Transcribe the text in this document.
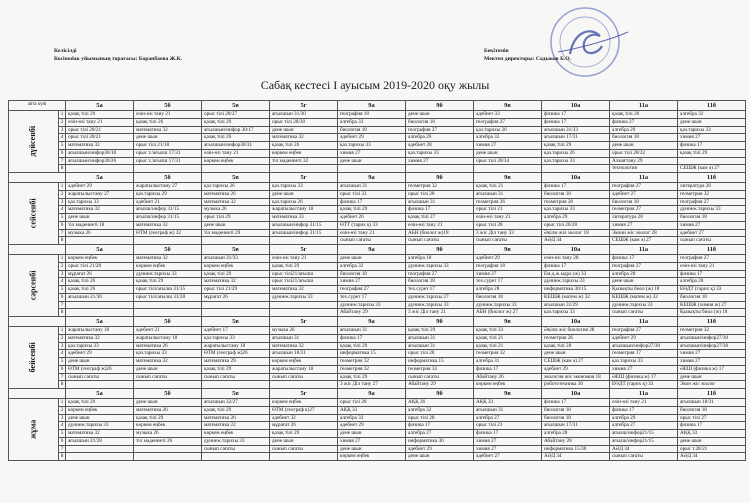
Келісілді
Косіпоdак уйымының торағасы: Боранбаева Ж.К.
Бекітемін
Мектеп директоры: Садыков Б.О.
Сабақ кестесі I ауысым 2019-2020 оқу жылы
апта күні		5а	5б	5в	5г	9а	9б	9в	10а	11а	11б
дүйсенбі	1	қазақ тілі 29	өзін-өзі тану 21	орыс тілі 28/27	ағылшын 31/30	география 18	дене шын	әдебиет 33	физика 17	қазақ тілі 26	алгебра 32
	2	өзін-өзі тану 21	қазақ тілі 26	қазақ тілі 29	орыс тілі 28/30	алгебра 33	биология 18	география 27	физика 17	физика 27	дене шын
	3	орыс тілі 28/21	математика 32	ағылшын/инфор 30/17	дене шын	биология 18	география 27	қаз.тарихы 26	ағылшын 31/33	алгебра 29	қаз.тарихы 33
	4	орыс тілі 28/21	дене шын	қазақ тілі 26	математика 32	әдебиет 29	алгебра 26	алгебра 33	ағылшын 17/31	биология 18	химия 27
	5	математика 32	орыс тілі 21/18	ағылшын/инфор30/31	қазақ тілі 26	қаз.тарихы 33	әдебиет 28	химия 27	қазақ тілі 29	дене шын	физика 17
	6	ағылшын/инфор30/18	орыс т./ағылш 17/31	өзін-өзі тану 21	көркем еңбек	химия 27	қаз.тарихы 33	дене шын	қаз.тарихы 26	орыс тілі 28/32	қазақ тілі 29
	7	ағылшын/инфор30/26	орыс т./ағылш 17/31	көркем еңбек	тіл мәдениеті 32	дене шын	химия 27	орыс тілі 28/34	қаз.тарихы 33	Алмағтану 29	
	8									технология	СЕШЖ (кам ә) 27
		5а	5б	5в	5г	9а	9б	9в	10а	11а	11б
сейсенбі	1	әдебиет 29	жаратылыстану 27	қаз.тарихы 26	қаз.тарихы 33	ағылшын 31	геометрия 32	қазақ тілі 21	физика 17	география 27	литература 28
	2	жаратылыстану 27	қаз.тарихы 29	математика 26	дене шын	орыс тілі 33	орыс тілі 28	ағылшын 31	биология 18	әдебиет 27	геометрия 32
	3	қаз.тарихы 33	әдебиет 21	математика 32	қаз.тарихы 26	физика 17	ағылшын 31	геометрия 26	геометрия 28	биология 18	география 27
	4	математика 32	ағылш/инфор 31/15	музыка 26	жаратылыстану 18	қазақ тілі 29	физика 17	орыс тілі 21	қаз.тарихы 33	геометрия 27	дүниеж.тарихы 33
	5	дене шын	ағылш/инфор 31/15	орыс тілі 29	математика 33	әдебиет 26	қазақ тілі 27	өзін-өзі тану 21	алгебра 29	литература 28	биология 18
	6	тіл мәдениеті 18	математика 32	дене шын	ағылшын/инфор 31/15	ӨТТ (тарих қ) 33	өзін-өзі тану 21	орыс тілі 28	орыс тілі 26/28	химия 27	химия 27
	7	музыка 26	ӨТМ (географ ж) 32	тіл мәдениеті 29	ағылшын/инфор 31/15	өзін-өзі тану 21	АБН (биолог ж)18	3 жіс Діл тану 33	Әкілм жіл зоолог 18	Экони жіс зоолог 28	әдебиет 27
	8					сынып сағаты	сынып сағаты	сынып сағаты	АӘД 34	СЕШЖ (кам ә) 27	сынып сағаты
		5а	5б	5в	5г	9а	9б	9в	10а	11а	11б
сәрсенбі	1	көркем еңбек	математика 32	ағылшын 31/33	өзін-өзі тану 21	дене шын	алгебра 18	әдебиет 29	өзін-өзі тану 28	физика 17	география 27
	2	орыс тілі 21/28	көркем еңбек	көркем еңбек	қазақ тілі 29	алгебра 32	дүниеж.тарихы 33	география 18	физика 17	география 27	өзін-өзі тану 21
	3	мұрағат 26	дүниеж.тарихы 33	қазақ тілі 29	орыс тілі21/ағылш	биология 18	география 27	химия 27	Ем.д.ж.мдра (ж) 33	алгебра 28	физика 17
	4	қазақ тілі 26	қазақ тілі 29	математика 32	орыс тілі21/ағылш	химия 27	биология 18	тех.сурет 17	дүниеж.тарихы 33	дене шын	алгебра 28
	5	қазақ тілі 26	орыс тілі/ағылш 31/15	орыс тілі 21/29	математика 32	география 27	тех.сурет 17	алгебра 28	информатика 30/15	Қызықты биол (ж) 18	ЕӨДТ (тарих қ) 33
	6	ағылшын 21/30	орыс тілі/ағылш 31/28	мұрағат 26	дүниеж.тарихы 33	тех.сурет 17	дүниеж.тарихы 27	биология 18	КЕШЖ (матем ж) 32	КЕШЖ (матем ж) 32	биология 18
	7					дүниеж.тарихы 33	дүниеж.тарихы 33	дүниеж.тарихы 33	ағылшын 31/29	дүниеж.тарихы 33	КЕШЖ (химия ж) 27
	8					Абайтану 29	3 жіс Діл тану 21	АБН (биолог ж) 27	қаз.тарихы 33	сынып сағаты	Қызықты биол (ж) 18
		5а	5б	5в	5г	9а	9б	9в	10а	11а	11б
бейсенбі	1	жаратылыстану 18	әдебиет 21	әдебиет 17	музыка 26	ағылшын 31	қазақ тілі 29	қазақ тілі 33	Әкілм жіс биология 28	география 27	геометрия 32
	2	математика 32	жаратылыстану 18	қаз.тарихы 33	ағылшын 31	физика 17	ағылшын 31	қазақ тілі 21	геометрия 26	әдебиет 29	ағылшын/инфор27/30
	3	қаз.тарихы 33	математика 26	жаратылыстану 18	математика 32	қазақ тілі 29	ағылшын 31	қазақ тілі 21	қазақ тілі 28	ағылшын/инфор27/30	ағылшын/инфор27/30
	4	әдебиет 29	қаз.тарихы 33	ӨТМ (географ ж)26	ағылшын 18/31	информатика 15	орыс тілі 28	геометрия 32	дене шын	геометрия 17	химия 27
	5	дене шын	математика 32	математика 29	көркем еңбек	геометрия 32	информатика 15	алгебра 31	СЕШЖ (кам ә) 27	қаз.тарихы 33	химия 27
	6	ӨТМ (географ ж)26	дене шын	қазақ тілі 29	жаратылыстану 18	геометрия 32	геометрия 33	физика 17	әдебиет 29	химия 27	ӘЕШ (физика ж) 17
	7	сынып сағаты	сынып сағаты	сынып сағаты	сынып сағаты	қазақ тілі 29	сынып сағаты	Абайтану 26	экология жіс экономия 18	ӘЕШ (физика ж) 17	дене шын
	8					3 жіс Діл тану 27	Абайтану 29	көркем еңбек	робототехника 30	ЕӨДТ (тарих қ) 33	Экон жіс зоолог
		5а	5б	5в	5г	9а	9б	9в	10а	11а	11б
жұма	1	қазақ тілі 29	дене шын	ағылшын 32/27	көркем еңбек	орыс тілі 28	АҚҚ 26	АҚҚ 33	физика 17	өзін-өзі тану 21	ағылшын 18/31
	2	көркем еңбек	математика 26	қазақ тілі 29	ӨТМ (географ к)27	АҚҚ 33	алгебра 32	ағылшын 31	биология 18	физика 17	биология 18
	3	дене шын	қазақ тілі 29	математика 26	әдебиет 32	алгебра 33	орыс тілі 28	алгебра 27	биология 18	алгебра 29	орыс тілі 27
	4	дүниеж.тарихы 33	көркем еңбек	математика 22	мұрағат 26	әдебиет 29	физика 17	орыс тілі 21	ағылшын 17/31	алгебра 27	физика 17
	5	математика 32	музыка 26	көркем еңбек	қазақ тілі 29	дене шын	алгебра 27	физика 17	алгебра 28	ағылш/инфор21/15	АҚҚ 33
	6	ағылшын 21/28	тіл мәдениеті 26	дүниеж.тарихы 33	дене шын	химия 27	информатика 30	химия 27	Абайтану 28	ағылш/инфор21/15	дене шын
	7			сынып сағаты	сынып сағаты	дене шын	әдебиет 29	химия 27	информатика 15/30	АӘД 34	орыс т.28/21
	8					көркем еңбек	дене шын	әдебиет 27	АӘД 34	сынып сағаты	АӘД 34
